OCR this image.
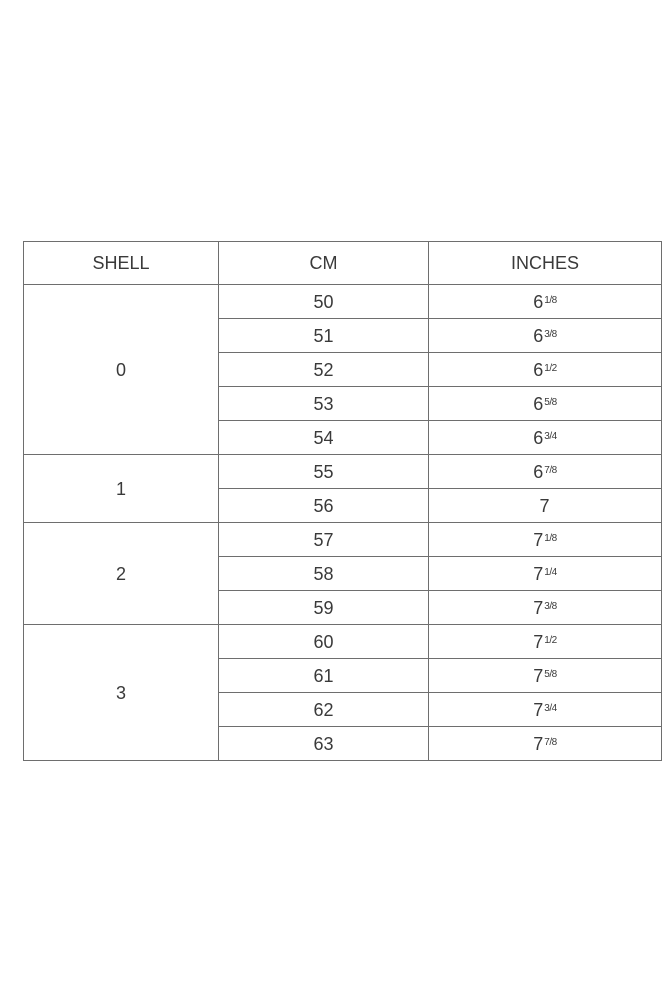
SHELL	CM	INCHES
0	50	$6^{1/8}$
	51	$6^{3/8}$
	52	$6^{1/2}$
	53	$6^{5/8}$
	54	$6^{3/4}$
1	55	$6^{7/8}$
	56	7
2	57	$7^{1/8}$
	58	$7^{1/4}$
	59	$7^{3/8}$
3	60	$7^{1/2}$
	61	$7^{5/8}$
	62	$7^{3/4}$
	63	$7^{7/8}$
